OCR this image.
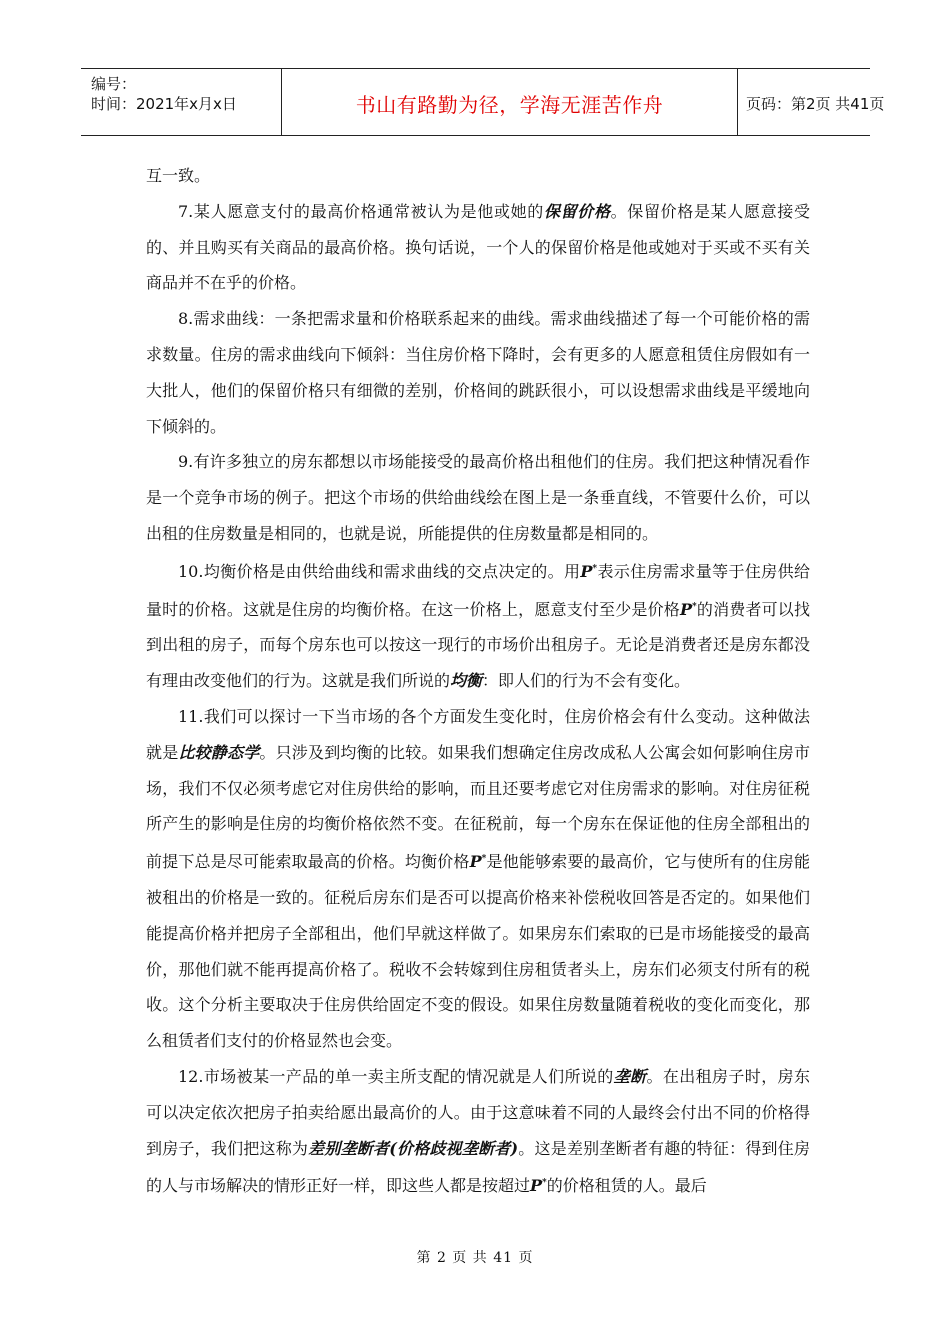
编号：
时间：2021年x月x日	书山有路勤为径，学海无涯苦作舟	页码：第2页 共41页

互一致。

7.某人愿意支付的最高价格通常被认为是他或她的保留价格。保留价格是某人愿意接受的、并且购买有关商品的最高价格。换句话说，一个人的保留价格是他或她对于买或不买有关商品并不在乎的价格。

8.需求曲线：一条把需求量和价格联系起来的曲线。需求曲线描述了每一个可能价格的需求数量。住房的需求曲线向下倾斜：当住房价格下降时，会有更多的人愿意租赁住房假如有一大批人，他们的保留价格只有细微的差别，价格间的跳跃很小，可以设想需求曲线是平缓地向下倾斜的。

9.有许多独立的房东都想以市场能接受的最高价格出租他们的住房。我们把这种情况看作是一个竞争市场的例子。把这个市场的供给曲线绘在图上是一条垂直线，不管要什么价，可以出租的住房数量是相同的，也就是说，所能提供的住房数量都是相同的。

10.均衡价格是由供给曲线和需求曲线的交点决定的。用P*表示住房需求量等于住房供给量时的价格。这就是住房的均衡价格。在这一价格上，愿意支付至少是价格P*的消费者可以找到出租的房子，而每个房东也可以按这一现行的市场价出租房子。无论是消费者还是房东都没有理由改变他们的行为。这就是我们所说的均衡：即人们的行为不会有变化。

11.我们可以探讨一下当市场的各个方面发生变化时，住房价格会有什么变动。这种做法就是比较静态学。只涉及到均衡的比较。如果我们想确定住房改成私人公寓会如何影响住房市场，我们不仅必须考虑它对住房供给的影响，而且还要考虑它对住房需求的影响。对住房征税所产生的影响是住房的均衡价格依然不变。在征税前，每一个房东在保证他的住房全部租出的前提下总是尽可能索取最高的价格。均衡价格P*是他能够索要的最高价，它与使所有的住房能被租出的价格是一致的。征税后房东们是否可以提高价格来补偿税收回答是否定的。如果他们能提高价格并把房子全部租出，他们早就这样做了。如果房东们索取的已是市场能接受的最高价，那他们就不能再提高价格了。税收不会转嫁到住房租赁者头上，房东们必须支付所有的税收。这个分析主要取决于住房供给固定不变的假设。如果住房数量随着税收的变化而变化，那么租赁者们支付的价格显然也会变。

12.市场被某一产品的单一卖主所支配的情况就是人们所说的垄断。在出租房子时，房东可以决定依次把房子拍卖给愿出最高价的人。由于这意味着不同的人最终会付出不同的价格得到房子，我们把这称为差别垄断者(价格歧视垄断者)。这是差别垄断者有趣的特征：得到住房的人与市场解决的情形正好一样，即这些人都是按超过P*的价格租赁的人。最后

第 2 页 共 41 页
